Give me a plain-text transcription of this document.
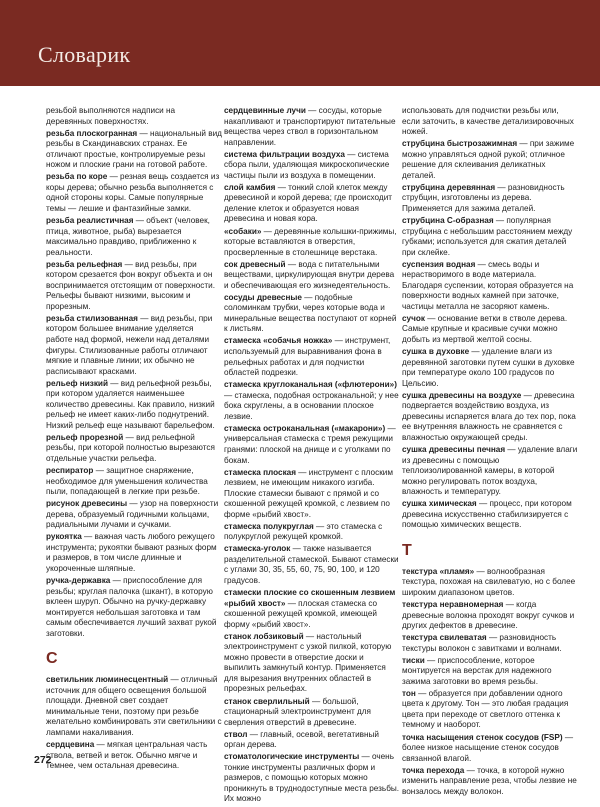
Словарик

резьбой выполняются надписи на деревянных поверхностях.

резьба плоскогранная — национальный вид резьбы в Скандинавских странах. Ее отличают простые, контролируемые резы ножом и плоские грани на готовой работе.

резьба по коре — резная вещь создается из коры дерева; обычно резьба выполняется с одной стороны коры. Самые популярные темы — лешие и фантазийные замки.

резьба реалистичная — объект (человек, птица, животное, рыба) вырезается максимально правдиво, приближенно к реальности.

резьба рельефная — вид резьбы, при котором срезается фон вокруг объекта и он воспринимается отстоящим от поверхности. Рельефы бывают низкими, высоким и прорезным.

резьба стилизованная — вид резьбы, при котором большее внимание уделяется работе над формой, нежели над деталями фигуры. Стилизованные работы отличают мягкие и плавные линии; их обычно не расписывают красками.

рельеф низкий — вид рельефной резьбы, при котором удаляется наименьшее количество древесины. Как правило, низкий рельеф не имеет каких-либо поднутрений. Низкий рельеф еще называют барельефом.

рельеф прорезной — вид рельефной резьбы, при которой полностью вырезаются отдельные участки рельефа.

респиратор — защитное снаряжение, необходимое для уменьшения количества пыли, попадающей в легкие при резьбе.

рисунок древесины — узор на поверхности дерева, образуемый годичными кольцами, радиальными лучами и сучками.

рукоятка — важная часть любого режущего инструмента; рукоятки бывают разных форм и размеров, в том числе длинные и укороченные шляпные.

ручка-державка — приспособление для резьбы; круглая палочка (шкант), в которую вклеен шуруп. Обычно на ручку-державку монтируется небольшая заготовка и там самым обеспечивается лучший захват рукой заготовки.

С

светильник люминесцентный — отличный источник для общего освещения большой площади. Дневной свет создает минимальные тени, поэтому при резьбе желательно комбинировать эти светильники с лампами накаливания.

сердцевина — мягкая центральная часть ствола, ветвей и веток. Обычно мягче и темнее, чем остальная древесина.

сердцевинные лучи — сосуды, которые накапливают и транспортируют питательные вещества через ствол в горизонтальном направлении.

система фильтрации воздуха — система сбора пыли, удаляющая микроскопические частицы пыли из воздуха в помещении.

слой камбия — тонкий слой клеток между древесиной и корой дерева; где происходит деление клеток и образуется новая древесина и новая кора.

«собаки» — деревянные колышки-прижимы, которые вставляются в отверстия, просверленные в столешнице верстака.

сок древесный — вода с питательными веществами, циркулирующая внутри дерева и обеспечивающая его жизнедеятельность.

сосуды древесные — подобные соломинкам трубки, через которые вода и минеральные вещества поступают от корней к листьям.

стамеска «собачья ножка» — инструмент, используемый для выравнивания фона в рельефных работах и для подчистки областей подрезки.

стамеска круглоканальная («флютерони») — стамеска, подобная остроканальной; у нее бока скруглены, а в основании плоское лезвие.

стамеска остроканальная («макарони») — универсальная стамеска с тремя режущими гранями: плоской на днище и с уголками по бокам.

стамеска плоская — инструмент с плоским лезвием, не имеющим никакого изгиба. Плоские стамески бывают с прямой и со скошенной режущей кромкой, с лезвием по форме «рыбий хвост».

стамеска полукруглая — это стамеска с полукруглой режущей кромкой.

стамеска-уголок — также называется разделительной стамеской. Бывают стамески с углами 30, 35, 55, 60, 75, 90, 100, и 120 градусов.

стамески плоские со скошенным лезвием «рыбий хвост» — плоская стамеска со скошенной режущей кромкой, имеющей форму «рыбий хвост».

станок лобзиковый — настольный электроинструмент с узкой пилкой, которую можно провести в отверстие доски и выпилить замкнутый контур. Применяется для вырезания внутренних областей в прорезных рельефах.

станок сверлильный — большой, стационарный электроинструмент для сверления отверстий в древесине.

ствол — главный, осевой, вегетативный орган дерева.

стоматологические инструменты — очень тонкие инструменты различных форм и размеров, с помощью которых можно проникнуть в труднодоступные места резьбы. Их можно

использовать для подчистки резьбы или, если заточить, в качестве детализировочных ножей.

струбцина быстрозажимная — при зажиме можно управляться одной рукой; отличное решение для склеивания деликатных деталей.

струбцина деревянная — разновидность струбцин, изготовлены из дерева. Применяется для зажима деталей.

струбцина С-образная — популярная струбцина с небольшим расстоянием между губками; используется для сжатия деталей при склейке.

суспензия водная — смесь воды и нерастворимого в воде материала. Благодаря суспензии, которая образуется на поверхности водных камней при заточке, частицы металла не засоряют камень.

сучок — основание ветки в стволе дерева. Самые крупные и красивые сучки можно добыть из мертвой желтой сосны.

сушка в духовке — удаление влаги из деревянной заготовки путем сушки в духовке при температуре около 100 градусов по Цельсию.

сушка древесины на воздухе — древесина подвергается воздействию воздуха, из древесины испаряется влага до тех пор, пока ее внутренняя влажность не сравняется с влажностью окружающей среды.

сушка древесины печная — удаление влаги из древесины с помощью теплоизолированной камеры, в которой можно регулировать поток воздуха, влажность и температуру.

сушка химическая — процесс, при котором древесина искусственно стабилизируется с помощью химических веществ.

Т

текстура «пламя» — волнообразная текстура, похожая на свилеватую, но с более широким диапазоном цветов.

текстура неравномерная — когда древесные волокна проходят вокруг сучков и других дефектов в древесине.

текстура свилеватая — разновидность текстуры волокон с завитками и волнами.

тиски — приспособление, которое монтируется на верстак для надежного зажима заготовки во время резьбы.

тон — образуется при добавлении одного цвета к другому. Тон — это любая градация цвета при переходе от светлого оттенка к темному и наоборот.

точка насыщения стенок сосудов (FSP) — более низкое насыщение стенок сосудов связанной влагой.

точка перехода — точка, в которой нужно изменить направление реза, чтобы лезвие не вонзалось между волокон.

272
